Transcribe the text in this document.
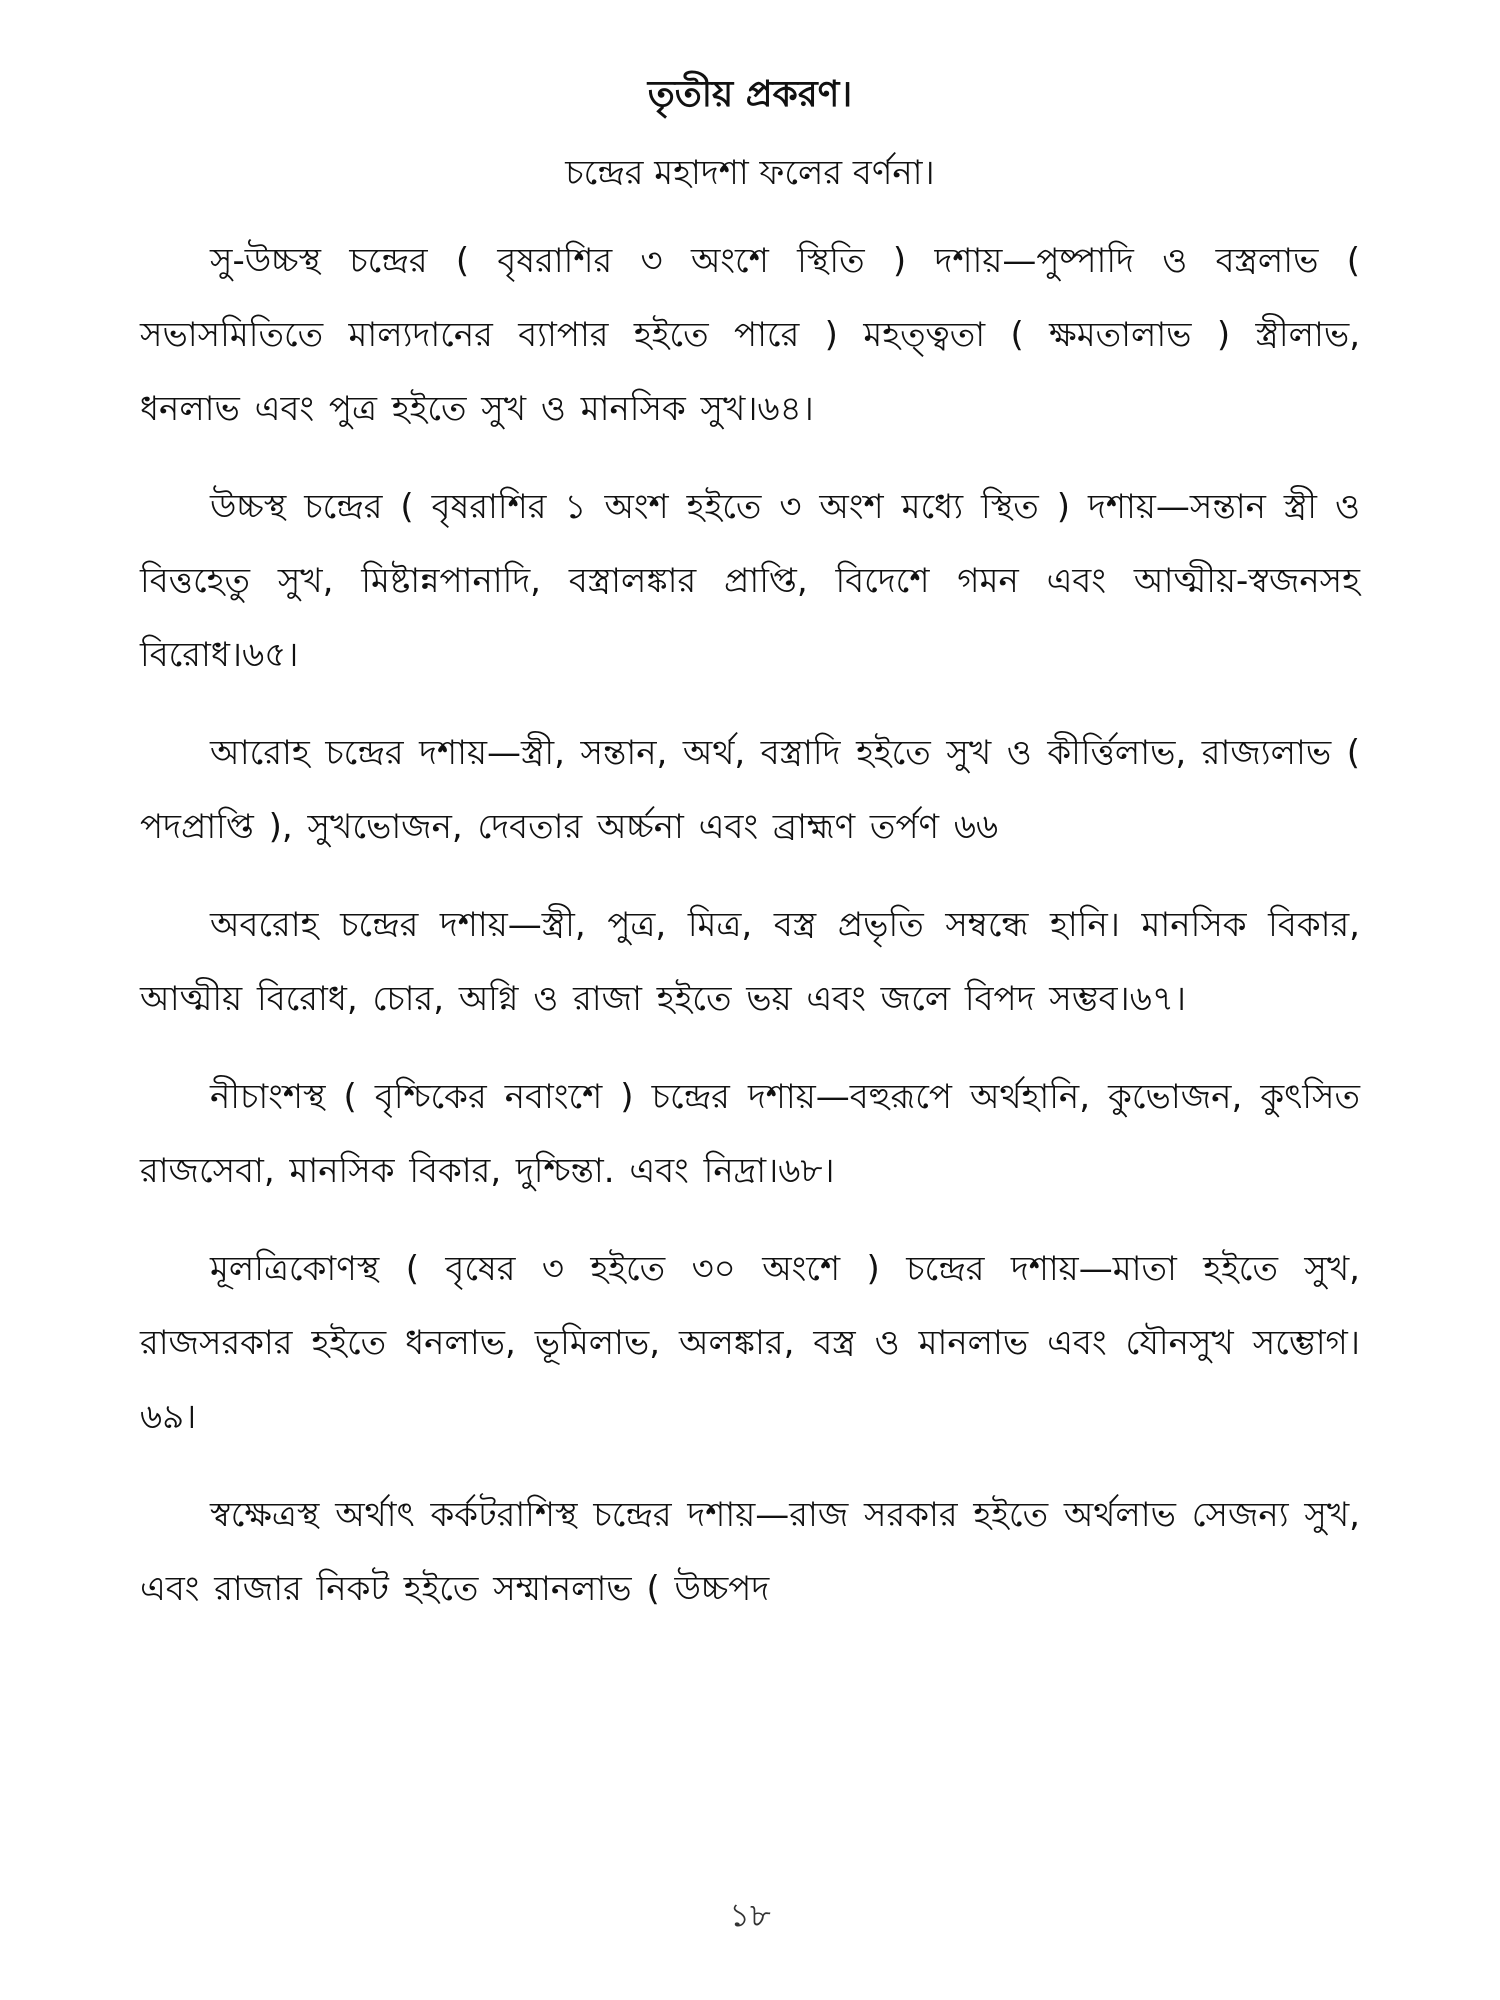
তৃতীয় প্রকরণ।
চন্দ্রের মহাদশা ফলের বর্ণনা।

সু-উচ্চস্থ চন্দ্রের ( বৃষরাশির ৩ অংশে স্থিতি ) দশায়—পুষ্পাদি ও বস্ত্রলাভ ( সভাসমিতিতে মাল্যদানের ব্যাপার হইতে পারে ) মহত্ত্বতা ( ক্ষমতালাভ ) স্ত্রীলাভ, ধনলাভ এবং পুত্র হইতে সুখ ও মানসিক সুখ।৬৪।

উচ্চস্থ চন্দ্রের ( বৃষরাশির ১ অংশ হইতে ৩ অংশ মধ্যে স্থিত ) দশায়—সন্তান স্ত্রী ও বিত্তহেতু সুখ, মিষ্টান্নপানাদি, বস্ত্রালঙ্কার প্রাপ্তি, বিদেশে গমন এবং আত্মীয়-স্বজনসহ বিরোধ।৬৫।

আরোহ চন্দ্রের দশায়—স্ত্রী, সন্তান, অর্থ, বস্ত্রাদি হইতে সুখ ও কীর্ত্তিলাভ, রাজ্যলাভ ( পদপ্রাপ্তি ), সুখভোজন, দেবতার অর্চ্চনা এবং ব্রাহ্মণ তর্পণ ৬৬

অবরোহ চন্দ্রের দশায়—স্ত্রী, পুত্র, মিত্র, বস্ত্র প্রভৃতি সম্বন্ধে হানি। মানসিক বিকার, আত্মীয় বিরোধ, চোর, অগ্নি ও রাজা হইতে ভয় এবং জলে বিপদ সম্ভব।৬৭।

নীচাংশস্থ ( বৃশ্চিকের নবাংশে ) চন্দ্রের দশায়—বহুরূপে অর্থহানি, কুভোজন, কুৎসিত রাজসেবা, মানসিক বিকার, দুশ্চিন্তা. এবং নিদ্রা।৬৮।

মূলত্রিকোণস্থ ( বৃষের ৩ হইতে ৩০ অংশে ) চন্দ্রের দশায়—মাতা হইতে সুখ, রাজসরকার হইতে ধনলাভ, ভূমিলাভ, অলঙ্কার, বস্ত্র ও মানলাভ এবং যৌনসুখ সম্ভোগ।৬৯।

স্বক্ষেত্রস্থ অর্থাৎ কর্কটরাশিস্থ চন্দ্রের দশায়—রাজ সরকার হইতে অর্থলাভ সেজন্য সুখ, এবং রাজার নিকট হইতে সম্মানলাভ ( উচ্চপদ

১৮
